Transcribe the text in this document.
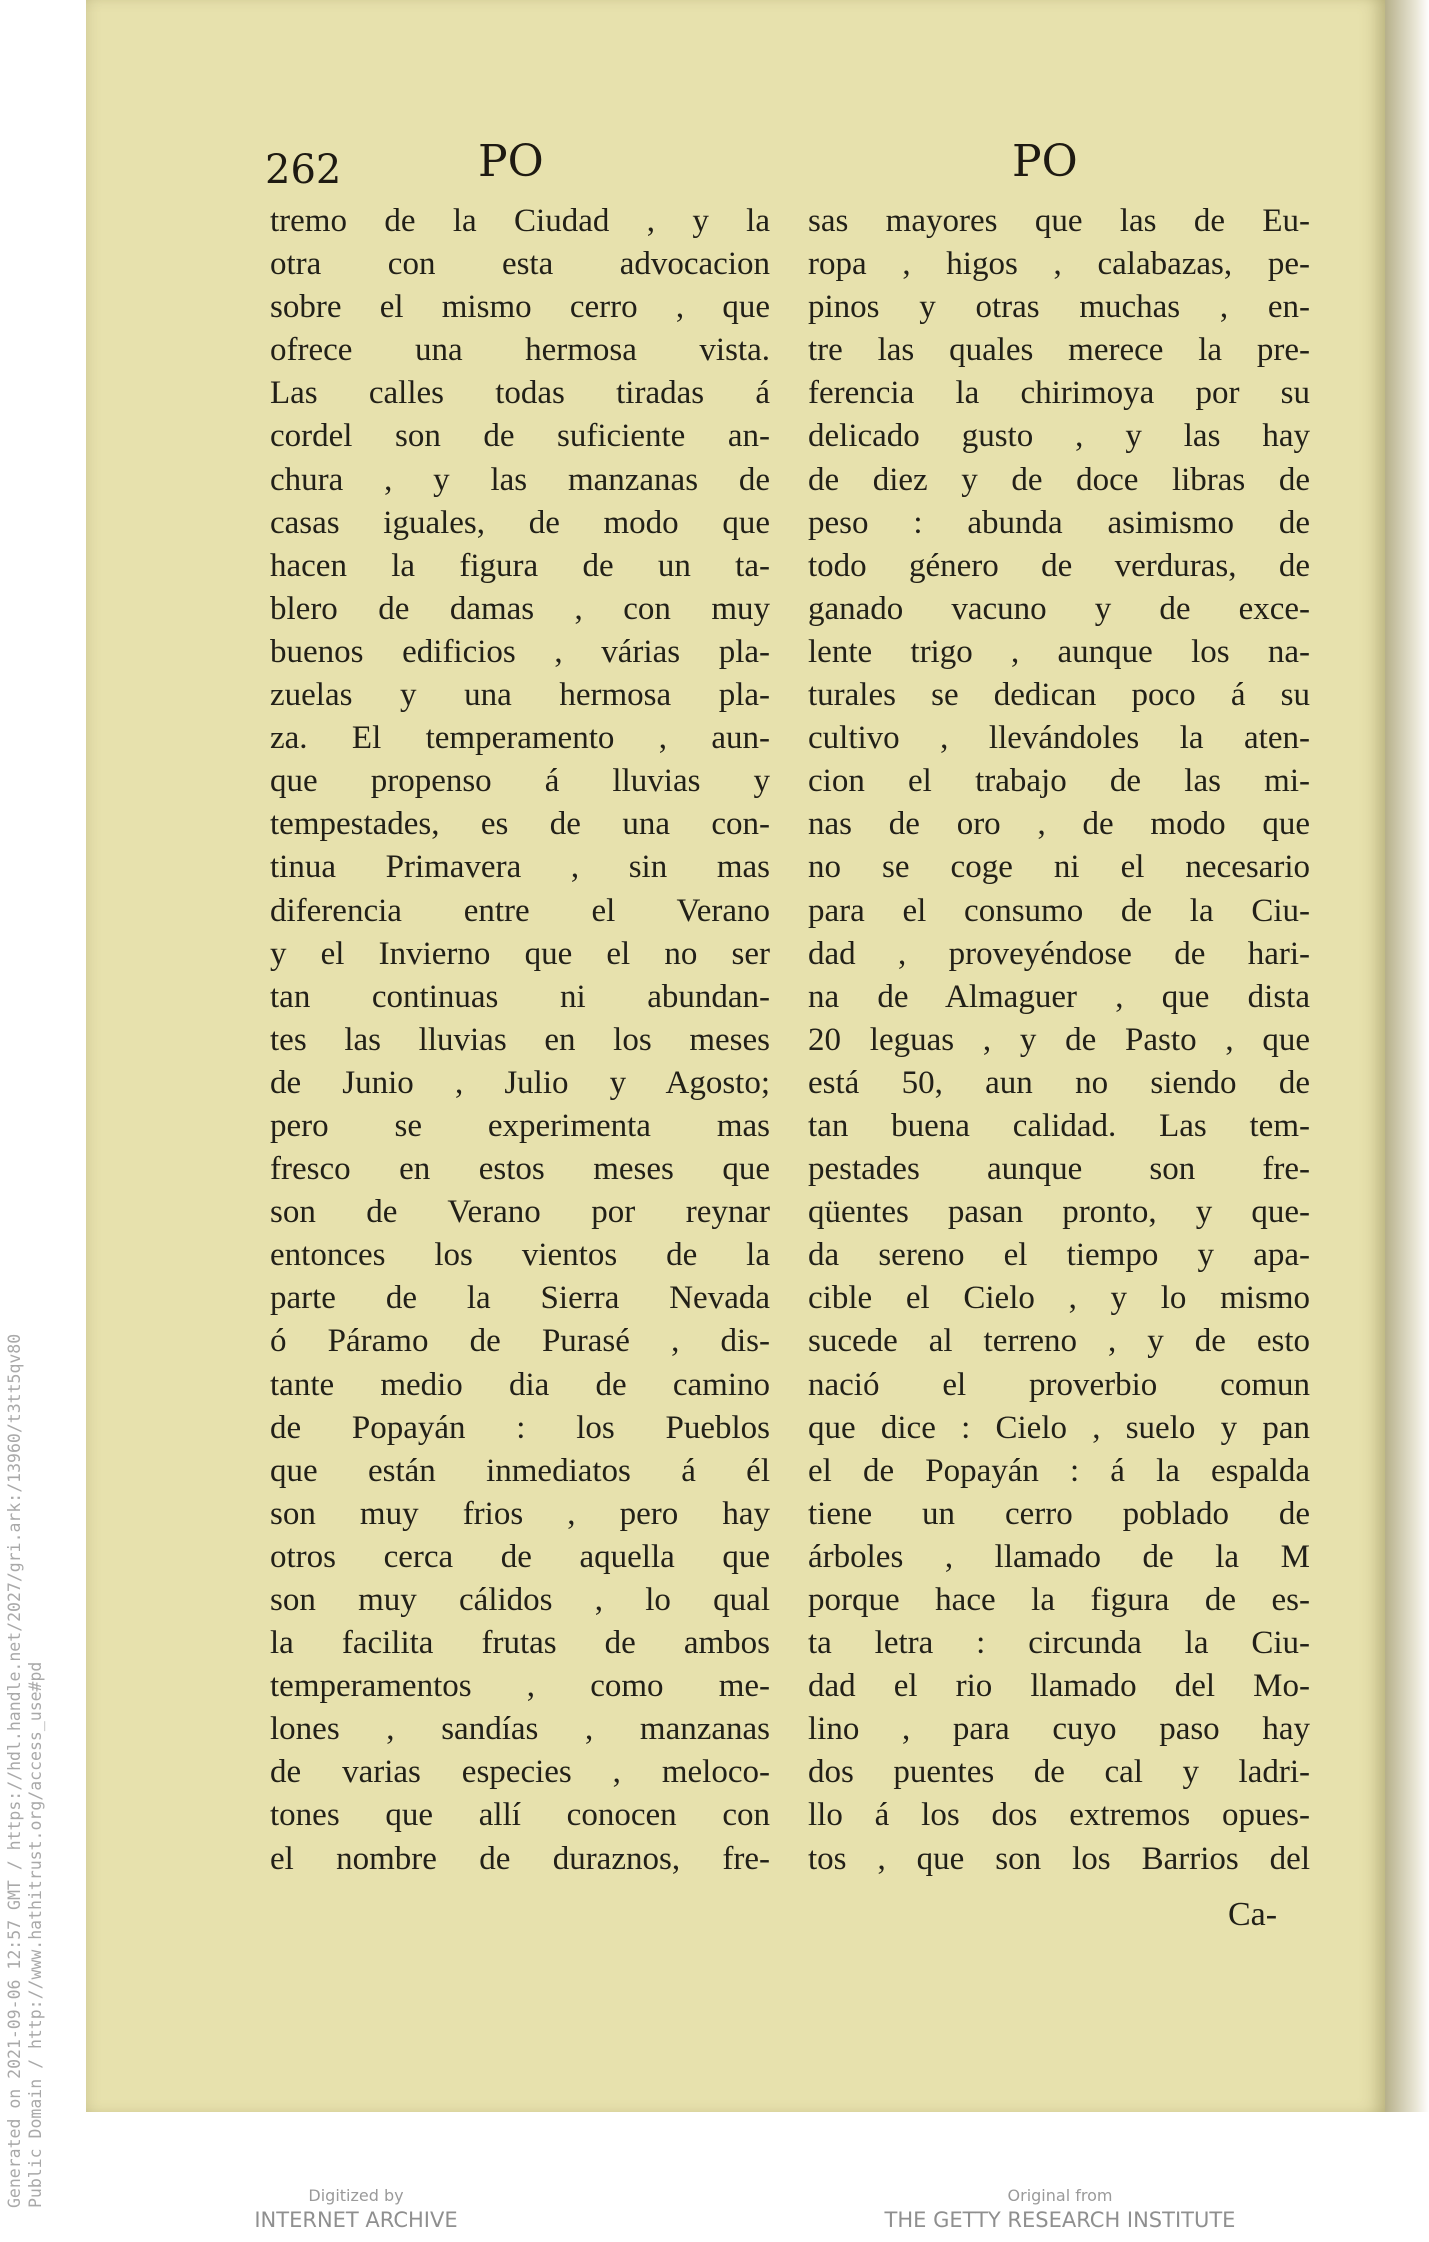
262	PO	PO
tremo de la Ciudad , y la
otra con esta advocacion
sobre el mismo cerro , que
ofrece una hermosa vista.
Las calles todas tiradas á
cordel son de suficiente an-
chura , y las manzanas de
casas iguales, de modo que
hacen la figura de un ta-
blero de damas , con muy
buenos edificios , várias pla-
zuelas y una hermosa pla-
za. El temperamento , aun-
que propenso á lluvias y
tempestades, es de una con-
tinua Primavera , sin mas
diferencia entre el Verano
y el Invierno que el no ser
tan continuas ni abundan-
tes las lluvias en los meses
de Junio , Julio y Agosto;
pero se experimenta mas
fresco en estos meses que
son de Verano por reynar
entonces los vientos de la
parte de la Sierra Nevada
ó Páramo de Purasé , dis-
tante medio dia de camino
de Popayán : los Pueblos
que están inmediatos á él
son muy frios , pero hay
otros cerca de aquella que
son muy cálidos , lo qual
la facilita frutas de ambos
temperamentos , como me-
lones , sandías , manzanas
de varias especies , meloco-
tones que allí conocen con
el nombre de duraznos, fre-
sas mayores que las de Eu-
ropa , higos , calabazas, pe-
pinos y otras muchas , en-
tre las quales merece la pre-
ferencia la chirimoya por su
delicado gusto , y las hay
de diez y de doce libras de
peso : abunda asimismo de
todo género de verduras, de
ganado vacuno y de exce-
lente trigo , aunque los na-
turales se dedican poco á su
cultivo , llevándoles la aten-
cion el trabajo de las mi-
nas de oro , de modo que
no se coge ni el necesario
para el consumo de la Ciu-
dad , proveyéndose de hari-
na de Almaguer , que dista
20 leguas , y de Pasto , que
está 50, aun no siendo de
tan buena calidad. Las tem-
pestades aunque son fre-
qüentes pasan pronto, y que-
da sereno el tiempo y apa-
cible el Cielo , y lo mismo
sucede al terreno , y de esto
nació el proverbio comun
que dice : Cielo , suelo y pan
el de Popayán : á la espalda
tiene un cerro poblado de
árboles , llamado de la M
porque hace la figura de es-
ta letra : circunda la Ciu-
dad el rio llamado del Mo-
lino , para cuyo paso hay
dos puentes de cal y ladri-
llo á los dos extremos opues-
tos , que son los Barrios del
Ca-
Generated on 2021-09-06 12:57 GMT / https://hdl.handle.net/2027/gri.ark:/13960/t3tt5qv80 Public Domain / http://www.hathitrust.org/access_use#pd	Digitized by
INTERNET ARCHIVE
Original from
THE GETTY RESEARCH INSTITUTE
